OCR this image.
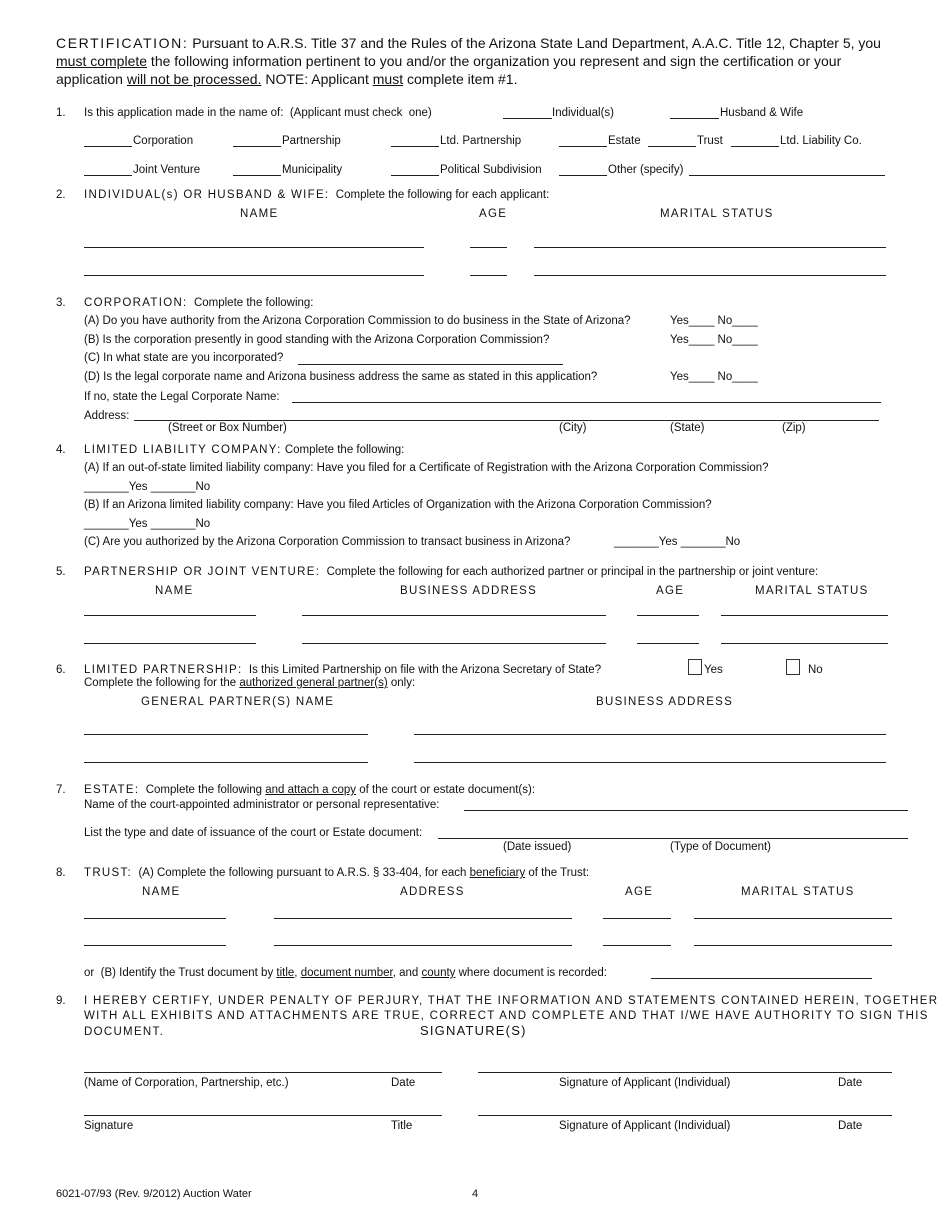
CERTIFICATION: Pursuant to A.R.S. Title 37 and the Rules of the Arizona State Land Department, A.A.C. Title 12, Chapter 5, you must complete the following information pertinent to you and/or the organization you represent and sign the certification or your application will not be processed. NOTE: Applicant must complete item #1.
1. Is this application made in the name of:  (Applicant must check  one)	Individual(s)	Husband & Wife
Corporation	Partnership	Ltd. Partnership	Estate	Trust	Ltd. Liability Co.
Joint Venture	Municipality	Political Subdivision	Other (specify)
2. INDIVIDUAL(s) OR HUSBAND & WIFE:  Complete the following for each applicant:
NAME	AGE	MARITAL STATUS
3. CORPORATION:  Complete the following:
(A) Do you have authority from the Arizona Corporation Commission to do business in the State of Arizona?	Yes____ No____
(B) Is the corporation presently in good standing with the Arizona Corporation Commission?	Yes____ No____
(C) In what state are you incorporated?
(D) Is the legal corporate name and Arizona business address the same as stated in this application?	Yes____ No____
If no, state the Legal Corporate Name:
Address:
(Street or Box Number)	(City)	(State)	(Zip)
4. LIMITED LIABILITY COMPANY: Complete the following:
(A) If an out-of-state limited liability company: Have you filed for a Certificate of Registration with the Arizona Corporation Commission?
_______Yes _______No
(B) If an Arizona limited liability company: Have you filed Articles of Organization with the Arizona Corporation Commission?
_______Yes _______No
(C) Are you authorized by the Arizona Corporation Commission to transact business in Arizona?	_______Yes _______No
5. PARTNERSHIP OR JOINT VENTURE:  Complete the following for each authorized partner or principal in the partnership or joint venture:
NAME	BUSINESS ADDRESS	AGE	MARITAL STATUS
6. LIMITED PARTNERSHIP:  Is this Limited Partnership on file with the Arizona Secretary of State?	Yes	No
Complete the following for the authorized general partner(s) only:
GENERAL PARTNER(S) NAME	BUSINESS ADDRESS
7. ESTATE:  Complete the following and attach a copy of the court or estate document(s):
Name of the court-appointed administrator or personal representative:
List the type and date of issuance of the court or Estate document:
(Date issued)	(Type of Document)
8. TRUST:  (A) Complete the following pursuant to A.R.S. § 33-404, for each beneficiary of the Trust:
NAME	ADDRESS	AGE	MARITAL STATUS
or  (B) Identify the Trust document by title, document number, and county where document is recorded:
9. I HEREBY CERTIFY, UNDER PENALTY OF PERJURY, THAT THE INFORMATION AND STATEMENTS CONTAINED HEREIN, TOGETHER
WITH ALL EXHIBITS AND ATTACHMENTS ARE TRUE, CORRECT AND COMPLETE AND THAT I/WE HAVE AUTHORITY TO SIGN THIS
DOCUMENT.	SIGNATURE(S)
(Name of Corporation, Partnership, etc.)	Date	Signature of Applicant (Individual)	Date
Signature	Title	Signature of Applicant (Individual)	Date
6021-07/93 (Rev. 9/2012) Auction Water	4
